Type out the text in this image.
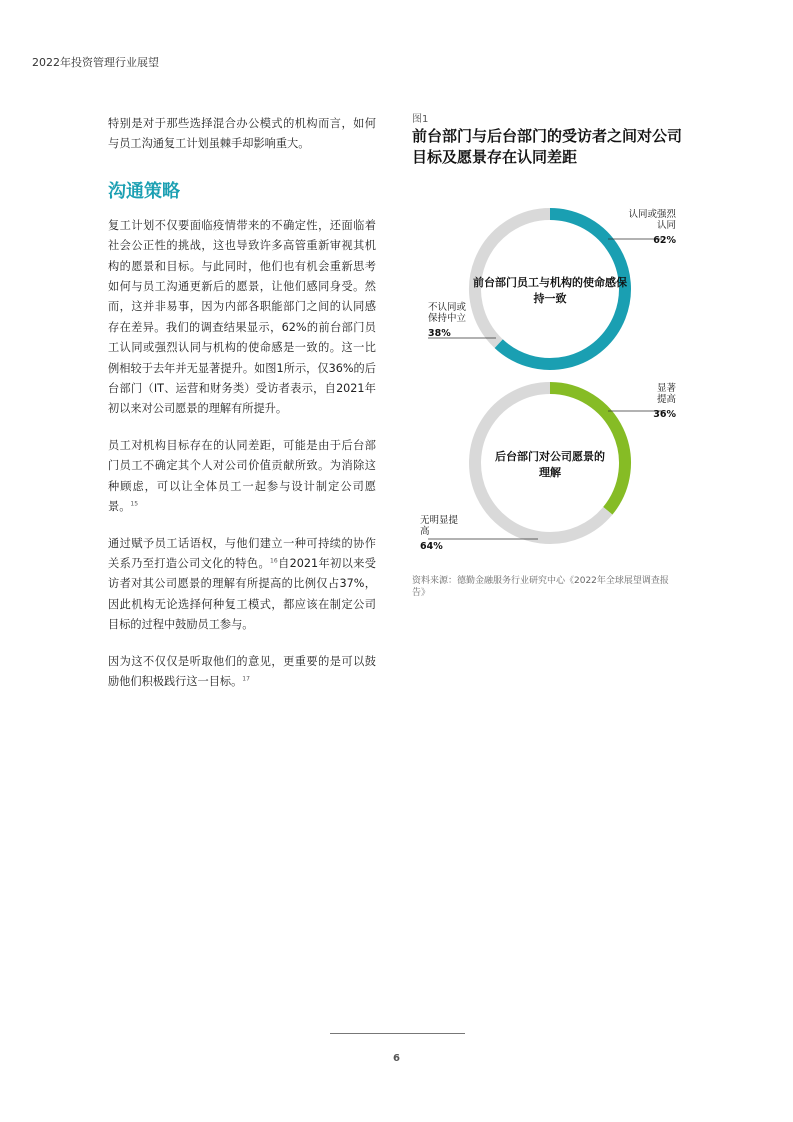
2022年投资管理行业展望

特别是对于那些选择混合办公模式的机构而言，如何与员工沟通复工计划虽棘手却影响重大。

沟通策略

复工计划不仅要面临疫情带来的不确定性，还面临着社会公正性的挑战，这也导致许多高管重新审视其机构的愿景和目标。与此同时，他们也有机会重新思考如何与员工沟通更新后的愿景，让他们感同身受。然而，这并非易事，因为内部各职能部门之间的认同感存在差异。我们的调查结果显示，62%的前台部门员工认同或强烈认同与机构的使命感是一致的。这一比例相较于去年并无显著提升。如图1所示，仅36%的后台部门（IT、运营和财务类）受访者表示，自2021年初以来对公司愿景的理解有所提升。

员工对机构目标存在的认同差距，可能是由于后台部门员工不确定其个人对公司价值贡献所致。为消除这种顾虑，可以让全体员工一起参与设计制定公司愿景。$^{15}$

通过赋予员工话语权，与他们建立一种可持续的协作关系乃至打造公司文化的特色。$^{16}$自2021年初以来受访者对其公司愿景的理解有所提高的比例仅占37%，因此机构无论选择何种复工模式，都应该在制定公司目标的过程中鼓励员工参与。

因为这不仅仅是听取他们的意见，更重要的是可以鼓励他们积极践行这一目标。$^{17}$

图1
前台部门与后台部门的受访者之间对公司目标及愿景存在认同差距
前台部门员工与机构的使命感保持一致
后台部门对公司愿景的理解
认同或强烈认同
62%
不认同或保持中立
38%
显著提高
36%
无明显提高
64%
资料来源：德勤金融服务行业研究中心《2022年全球展望调查报告》
6
